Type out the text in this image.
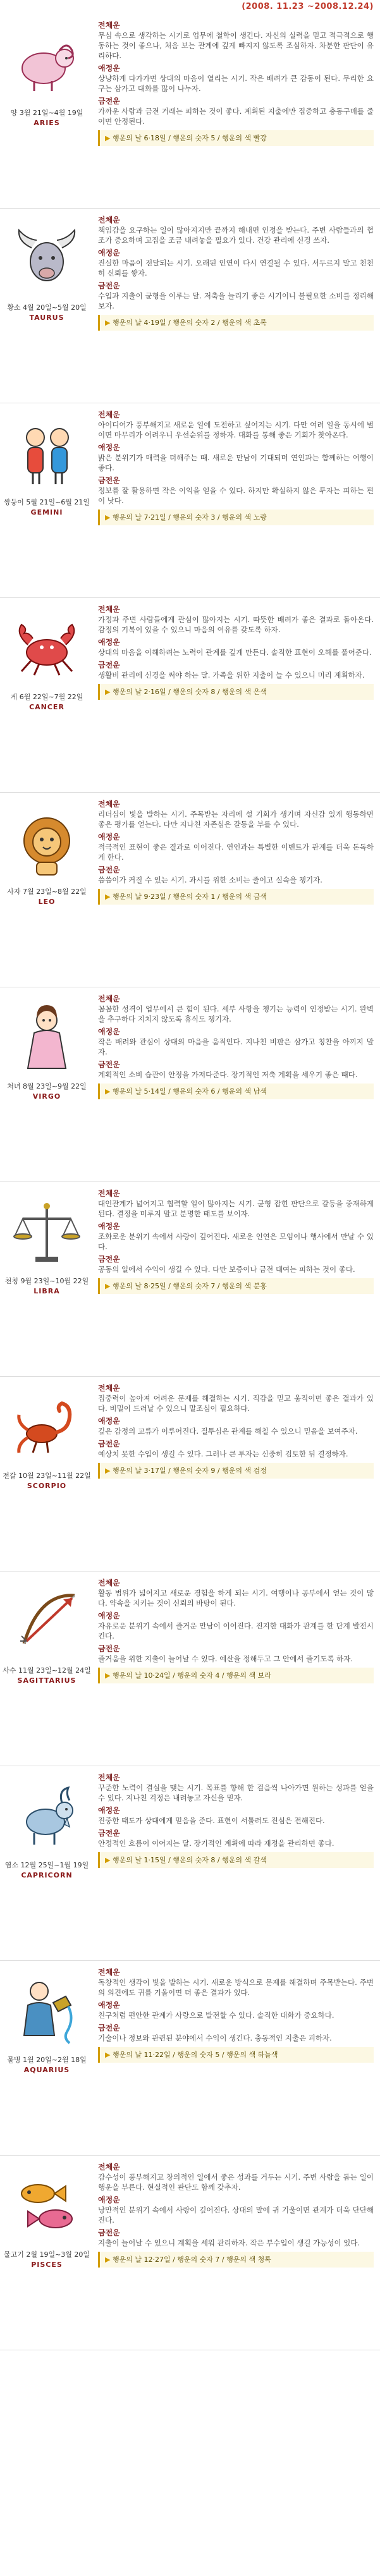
(2008. 11.23 ~2008.12.24)
양 3월 21일~4월 19일
ARIES
전체운

무심 속으로 생각하는 시기로 업무에 철학이 생긴다. 자신의 실력을 믿고 적극적으로 행동하는 것이 좋으나, 처음 보는 관계에 깊게 빠지지 않도록 조심하자. 차분한 판단이 유리하다.

애정운

상냥하게 다가가면 상대의 마음이 열리는 시기. 작은 배려가 큰 감동이 된다. 무리한 요구는 삼가고 대화를 많이 나누자.

금전운

가까운 사람과 금전 거래는 피하는 것이 좋다. 계획된 지출에만 집중하고 충동구매를 줄이면 안정된다.

▶ 행운의 날 6·18일 / 행운의 숫자 5 / 행운의 색 빨강
황소 4월 20일~5월 20일
TAURUS
전체운

책임감을 요구하는 일이 많아지지만 끝까지 해내면 인정을 받는다. 주변 사람들과의 협조가 중요하며 고집을 조금 내려놓을 필요가 있다. 건강 관리에 신경 쓰자.

애정운

진실한 마음이 전달되는 시기. 오래된 인연이 다시 연결될 수 있다. 서두르지 말고 천천히 신뢰를 쌓자.

금전운

수입과 지출이 균형을 이루는 달. 저축을 늘리기 좋은 시기이니 불필요한 소비를 정리해 보자.

▶ 행운의 날 4·19일 / 행운의 숫자 2 / 행운의 색 초록
쌍둥이 5월 21일~6월 21일
GEMINI
전체운

아이디어가 풍부해지고 새로운 일에 도전하고 싶어지는 시기. 다만 여러 일을 동시에 벌이면 마무리가 어려우니 우선순위를 정하자. 대화를 통해 좋은 기회가 찾아온다.

애정운

밝은 분위기가 매력을 더해주는 때. 새로운 만남이 기대되며 연인과는 함께하는 여행이 좋다.

금전운

정보를 잘 활용하면 작은 이익을 얻을 수 있다. 하지만 확실하지 않은 투자는 피하는 편이 낫다.

▶ 행운의 날 7·21일 / 행운의 숫자 3 / 행운의 색 노랑
게 6월 22일~7월 22일
CANCER
전체운

가정과 주변 사람들에게 관심이 많아지는 시기. 따뜻한 배려가 좋은 결과로 돌아온다. 감정의 기복이 있을 수 있으니 마음의 여유를 갖도록 하자.

애정운

상대의 마음을 이해하려는 노력이 관계를 깊게 만든다. 솔직한 표현이 오해를 풀어준다.

금전운

생활비 관리에 신경을 써야 하는 달. 가족을 위한 지출이 늘 수 있으니 미리 계획하자.

▶ 행운의 날 2·16일 / 행운의 숫자 8 / 행운의 색 은색
사자 7월 23일~8월 22일
LEO
전체운

리더십이 빛을 발하는 시기. 주목받는 자리에 설 기회가 생기며 자신감 있게 행동하면 좋은 평가를 얻는다. 다만 지나친 자존심은 갈등을 부를 수 있다.

애정운

적극적인 표현이 좋은 결과로 이어진다. 연인과는 특별한 이벤트가 관계를 더욱 돈독하게 한다.

금전운

씀씀이가 커질 수 있는 시기. 과시를 위한 소비는 줄이고 실속을 챙기자.

▶ 행운의 날 9·23일 / 행운의 숫자 1 / 행운의 색 금색
처녀 8월 23일~9월 22일
VIRGO
전체운

꼼꼼한 성격이 업무에서 큰 힘이 된다. 세부 사항을 챙기는 능력이 인정받는 시기. 완벽을 추구하다 지치지 않도록 휴식도 챙기자.

애정운

작은 배려와 관심이 상대의 마음을 움직인다. 지나친 비판은 삼가고 칭찬을 아끼지 말자.

금전운

계획적인 소비 습관이 안정을 가져다준다. 장기적인 저축 계획을 세우기 좋은 때다.

▶ 행운의 날 5·14일 / 행운의 숫자 6 / 행운의 색 남색
천칭 9월 23일~10월 22일
LIBRA
전체운

대인관계가 넓어지고 협력할 일이 많아지는 시기. 균형 잡힌 판단으로 갈등을 중재하게 된다. 결정을 미루지 말고 분명한 태도를 보이자.

애정운

조화로운 분위기 속에서 사랑이 깊어진다. 새로운 인연은 모임이나 행사에서 만날 수 있다.

금전운

공동의 일에서 수익이 생길 수 있다. 다만 보증이나 금전 대여는 피하는 것이 좋다.

▶ 행운의 날 8·25일 / 행운의 숫자 7 / 행운의 색 분홍
전갈 10월 23일~11월 22일
SCORPIO
전체운

집중력이 높아져 어려운 문제를 해결하는 시기. 직감을 믿고 움직이면 좋은 결과가 있다. 비밀이 드러날 수 있으니 말조심이 필요하다.

애정운

깊은 감정의 교류가 이루어진다. 질투심은 관계를 해칠 수 있으니 믿음을 보여주자.

금전운

예상치 못한 수입이 생길 수 있다. 그러나 큰 투자는 신중히 검토한 뒤 결정하자.

▶ 행운의 날 3·17일 / 행운의 숫자 9 / 행운의 색 검정
사수 11월 23일~12월 24일
SAGITTARIUS
전체운

활동 범위가 넓어지고 새로운 경험을 하게 되는 시기. 여행이나 공부에서 얻는 것이 많다. 약속을 지키는 것이 신뢰의 바탕이 된다.

애정운

자유로운 분위기 속에서 즐거운 만남이 이어진다. 진지한 대화가 관계를 한 단계 발전시킨다.

금전운

즐거움을 위한 지출이 늘어날 수 있다. 예산을 정해두고 그 안에서 즐기도록 하자.

▶ 행운의 날 10·24일 / 행운의 숫자 4 / 행운의 색 보라
염소 12월 25일~1월 19일
CAPRICORN
전체운

꾸준한 노력이 결실을 맺는 시기. 목표를 향해 한 걸음씩 나아가면 원하는 성과를 얻을 수 있다. 지나친 걱정은 내려놓고 자신을 믿자.

애정운

진중한 태도가 상대에게 믿음을 준다. 표현이 서툴러도 진심은 전해진다.

금전운

안정적인 흐름이 이어지는 달. 장기적인 계획에 따라 재정을 관리하면 좋다.

▶ 행운의 날 1·15일 / 행운의 숫자 8 / 행운의 색 갈색
물병 1월 20일~2월 18일
AQUARIUS
전체운

독창적인 생각이 빛을 발하는 시기. 새로운 방식으로 문제를 해결하며 주목받는다. 주변의 의견에도 귀를 기울이면 더 좋은 결과가 있다.

애정운

친구처럼 편안한 관계가 사랑으로 발전할 수 있다. 솔직한 대화가 중요하다.

금전운

기술이나 정보와 관련된 분야에서 수익이 생긴다. 충동적인 지출은 피하자.

▶ 행운의 날 11·22일 / 행운의 숫자 5 / 행운의 색 하늘색
물고기 2월 19일~3월 20일
PISCES
전체운

감수성이 풍부해지고 창의적인 일에서 좋은 성과를 거두는 시기. 주변 사람을 돕는 일이 행운을 부른다. 현실적인 판단도 함께 갖추자.

애정운

낭만적인 분위기 속에서 사랑이 깊어진다. 상대의 말에 귀 기울이면 관계가 더욱 단단해진다.

금전운

지출이 늘어날 수 있으니 계획을 세워 관리하자. 작은 부수입이 생길 가능성이 있다.

▶ 행운의 날 12·27일 / 행운의 숫자 7 / 행운의 색 청록
